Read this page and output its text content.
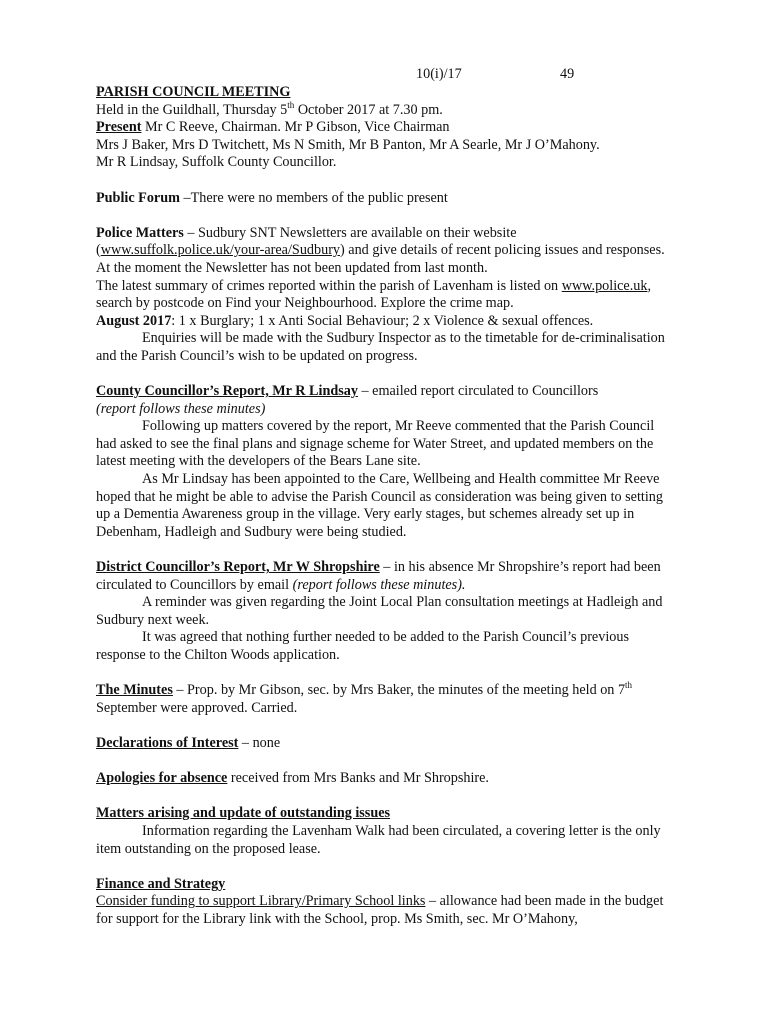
10(i)/17	49

PARISH COUNCIL MEETING

Held in the Guildhall, Thursday 5th October 2017 at 7.30 pm.

Present Mr C Reeve, Chairman. Mr P Gibson, Vice Chairman
Mrs J Baker, Mrs D Twitchett, Ms N Smith, Mr B Panton, Mr A Searle, Mr J O’Mahony.
Mr R Lindsay, Suffolk County Councillor.

Public Forum –There were no members of the public present

Police Matters – Sudbury SNT Newsletters are available on their website (www.suffolk.police.uk/your-area/Sudbury) and give details of recent policing issues and responses. At the moment the Newsletter has not been updated from last month.

The latest summary of crimes reported within the parish of Lavenham is listed on www.police.uk, search by postcode on Find your Neighbourhood. Explore the crime map.

August 2017: 1 x Burglary; 1 x Anti Social Behaviour; 2 x Violence & sexual offences.

Enquiries will be made with the Sudbury Inspector as to the timetable for de-criminalisation and the Parish Council’s wish to be updated on progress.

County Councillor’s Report, Mr R Lindsay – emailed report circulated to Councillors

(report follows these minutes)

Following up matters covered by the report, Mr Reeve commented that the Parish Council had asked to see the final plans and signage scheme for Water Street, and updated members on the latest meeting with the developers of the Bears Lane site.

As Mr Lindsay has been appointed to the Care, Wellbeing and Health committee Mr Reeve hoped that he might be able to advise the Parish Council as consideration was being given to setting up a Dementia Awareness group in the village. Very early stages, but schemes already set up in Debenham, Hadleigh and Sudbury were being studied.

District Councillor’s Report, Mr W Shropshire – in his absence Mr Shropshire’s report had been circulated to Councillors by email (report follows these minutes).

A reminder was given regarding the Joint Local Plan consultation meetings at Hadleigh and Sudbury next week.

It was agreed that nothing further needed to be added to the Parish Council’s previous response to the Chilton Woods application.

The Minutes – Prop. by Mr Gibson, sec. by Mrs Baker, the minutes of the meeting held on 7th September were approved. Carried.

Declarations of Interest – none

Apologies for absence received from Mrs Banks and Mr Shropshire.

Matters arising and update of outstanding issues

Information regarding the Lavenham Walk had been circulated, a covering letter is the only item outstanding on the proposed lease.

Finance and Strategy

Consider funding to support Library/Primary School links – allowance had been made in the budget for support for the Library link with the School, prop. Ms Smith, sec. Mr O’Mahony,
